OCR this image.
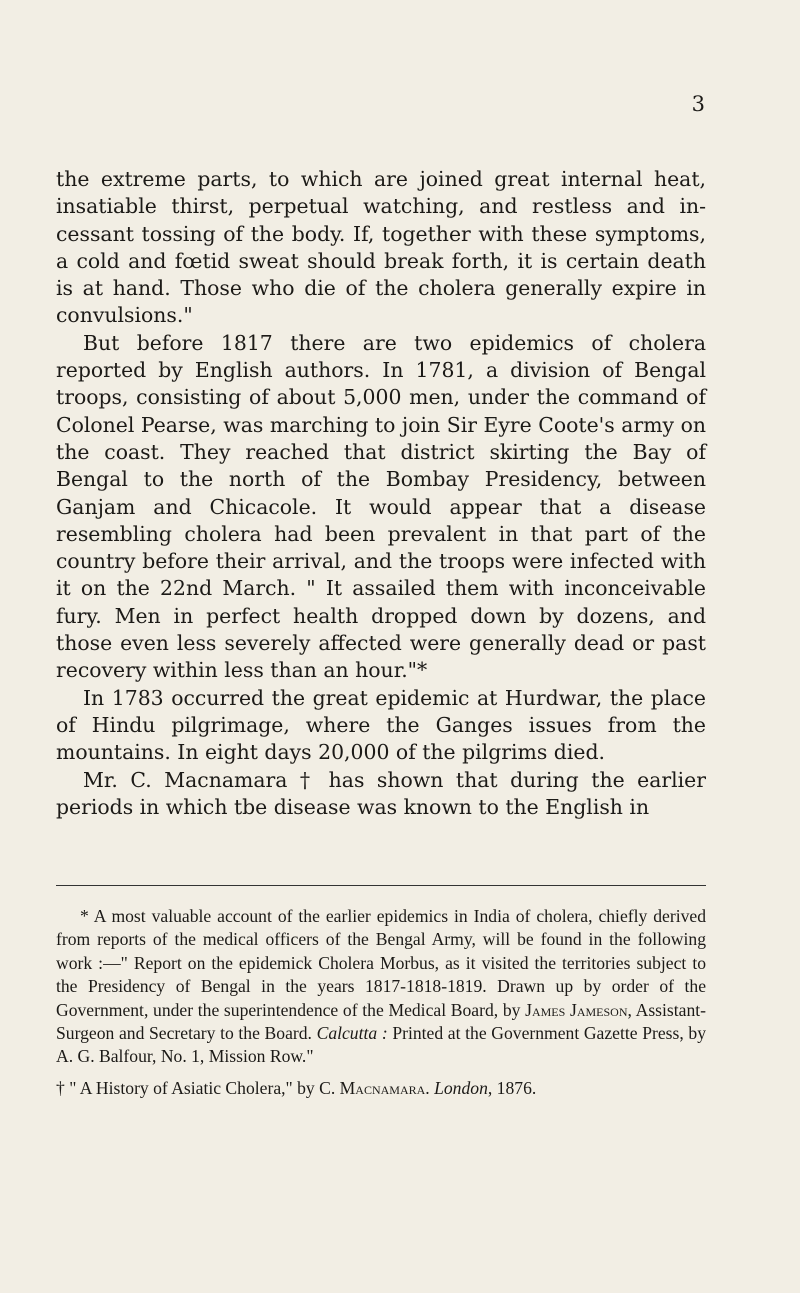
3

the extreme parts, to which are joined great internal heat, insatiable thirst, perpetual watching, and restless and incessant tossing of the body. If, together with these symptoms, a cold and fœtid sweat should break forth, it is certain death is at hand. Those who die of the cholera generally expire in convulsions."

But before 1817 there are two epidemics of cholera reported by English authors. In 1781, a division of Bengal troops, consisting of about 5,000 men, under the command of Colonel Pearse, was marching to join Sir Eyre Coote's army on the coast. They reached that district skirting the Bay of Bengal to the north of the Bombay Presidency, between Ganjam and Chicacole. It would appear that a disease resembling cholera had been prevalent in that part of the country before their arrival, and the troops were infected with it on the 22nd March. " It assailed them with inconceivable fury. Men in perfect health dropped down by dozens, and those even less severely affected were generally dead or past recovery within less than an hour."*

In 1783 occurred the great epidemic at Hurdwar, the place of Hindu pilgrimage, where the Ganges issues from the mountains. In eight days 20,000 of the pilgrims died.

Mr. C. Macnamara † has shown that during the earlier periods in which tbe disease was known to the English in

* A most valuable account of the earlier epidemics in India of cholera, chiefly derived from reports of the medical officers of the Bengal Army, will be found in the following work :—" Report on the epidemick Cholera Morbus, as it visited the territories subject to the Presidency of Bengal in the years 1817-1818-1819. Drawn up by order of the Government, under the superintendence of the Medical Board, by James Jameson, Assistant-Surgeon and Secretary to the Board. Calcutta : Printed at the Government Gazette Press, by A. G. Balfour, No. 1, Mission Row."

† " A History of Asiatic Cholera," by C. Macnamara. London, 1876.
